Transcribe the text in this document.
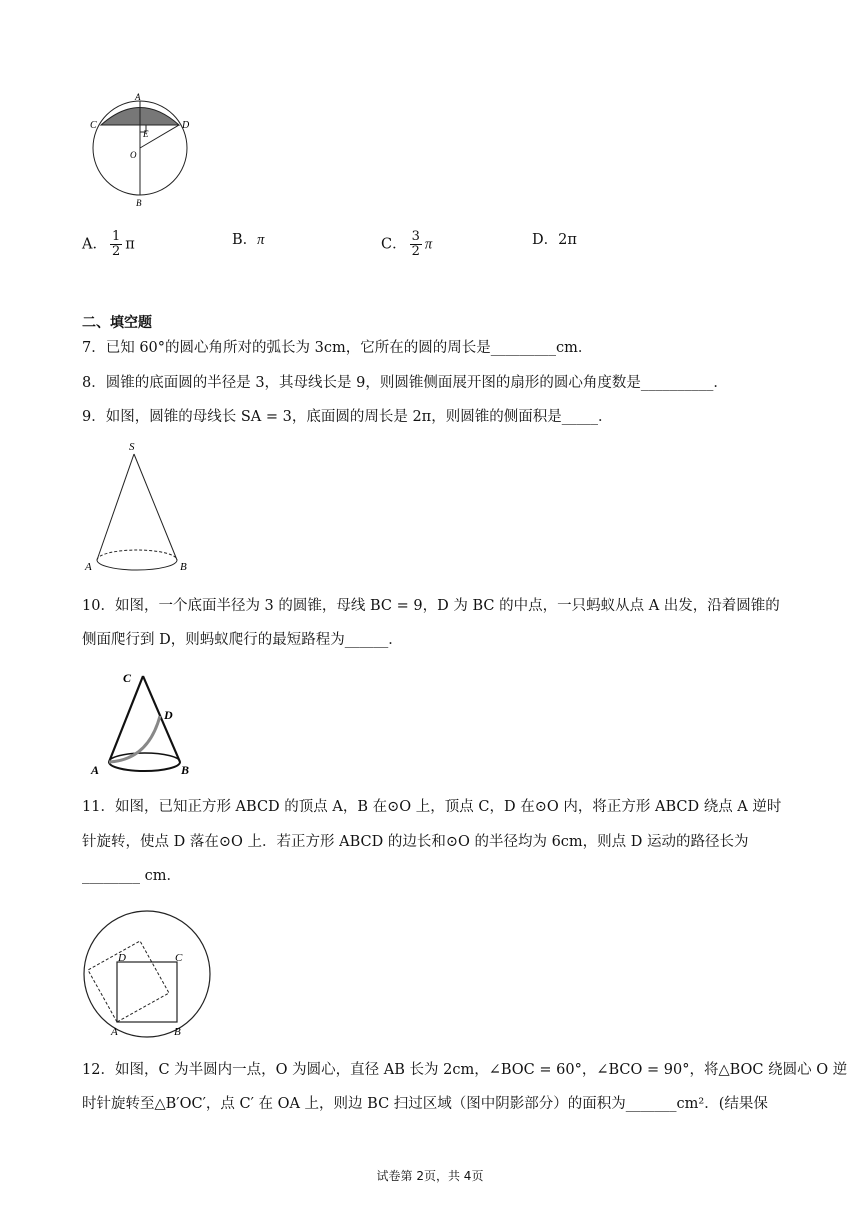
A
C	D
E
O
B
A． $\frac{1}{2}$ π	B．π	C． $\frac{3}{2}$ π	D．2π
二、填空题
7．已知 60°的圆心角所对的弧长为 3cm，它所在的圆的周长是_________cm．
8．圆锥的底面圆的半径是 3，其母线长是 9，则圆锥侧面展开图的扇形的圆心角度数是__________．
9．如图，圆锥的母线长 SA = 3，底面圆的周长是 2π，则圆锥的侧面积是_____．
S
A	B
10．如图，一个底面半径为 3 的圆锥，母线 BC = 9，D 为 BC 的中点，一只蚂蚁从点 A 出发，沿着圆锥的
侧面爬行到 D，则蚂蚁爬行的最短路程为______．
C
D
A	B
11．如图，已知正方形 ABCD 的顶点 A，B 在⊙O 上，顶点 C，D 在⊙O 内，将正方形 ABCD 绕点 A 逆时
针旋转，使点 D 落在⊙O 上．若正方形 ABCD 的边长和⊙O 的半径均为 6cm，则点 D 运动的路径长为
________ cm．
D	C
A	B
12．如图，C 为半圆内一点，O 为圆心，直径 AB 长为 2cm，∠BOC = 60°，∠BCO = 90°，将△BOC 绕圆心 O 逆
时针旋转至△B′OC′，点 C′ 在 OA 上，则边 BC 扫过区域（图中阴影部分）的面积为_______cm²．(结果保
试卷第 2页，共 4页
